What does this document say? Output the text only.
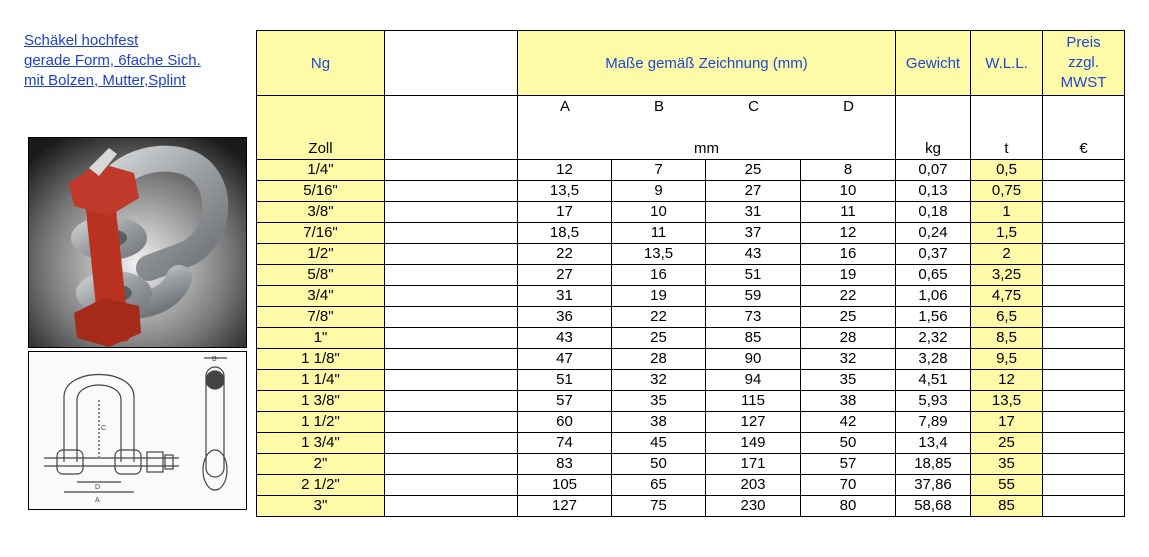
Schäkel hochfest
gerade Form, 6fache Sich.
mit Bolzen, Mutter,Splint
B
C
D
A
Ng		Maße gemäß Zeichnung (mm)				Gewicht	W.L.L.	Preis
zzgl.
MWST

Zoll		A B C D
mm				kg	t	€

1/4"		12	7	25	8	0,07	0,5	
5/16"		13,5	9	27	10	0,13	0,75	
3/8"		17	10	31	11	0,18	1	
7/16"		18,5	11	37	12	0,24	1,5	
1/2"		22	13,5	43	16	0,37	2	
5/8"		27	16	51	19	0,65	3,25	
3/4"		31	19	59	22	1,06	4,75	
7/8"		36	22	73	25	1,56	6,5	
1"		43	25	85	28	2,32	8,5	
1 1/8"		47	28	90	32	3,28	9,5	
1 1/4"		51	32	94	35	4,51	12	
1 3/8"		57	35	115	38	5,93	13,5	
1 1/2"		60	38	127	42	7,89	17	
1 3/4"		74	45	149	50	13,4	25	
2"		83	50	171	57	18,85	35	
2 1/2"		105	65	203	70	37,86	55	
3"		127	75	230	80	58,68	85	
